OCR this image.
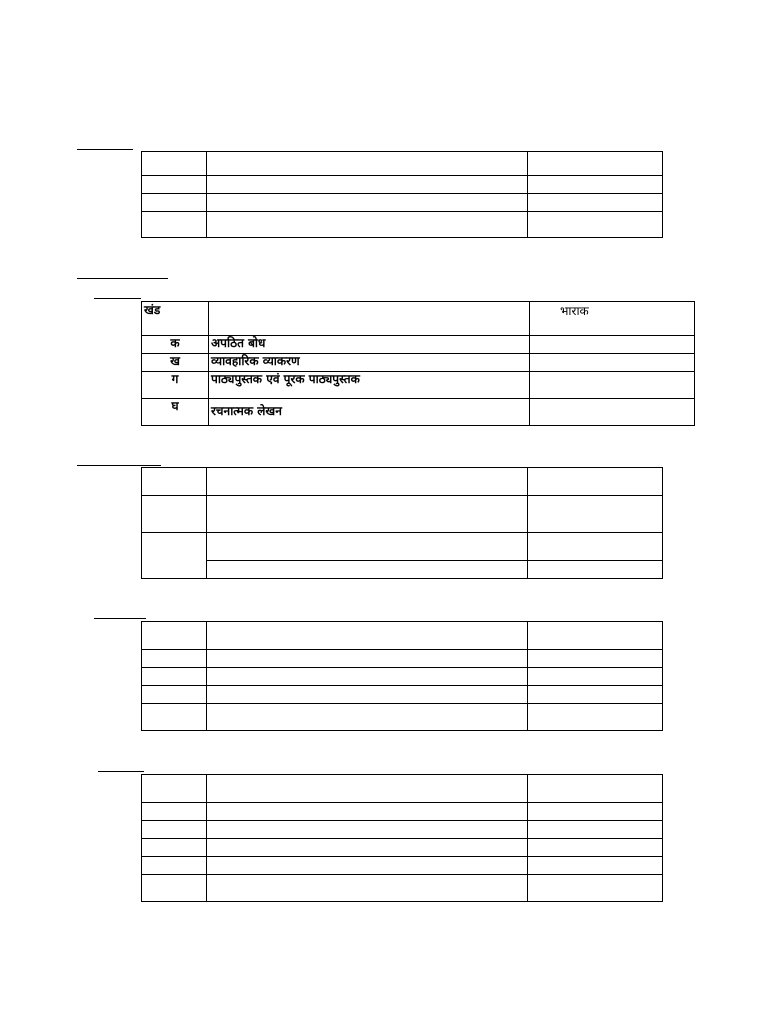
खंड		भाराक
क	अपठित बोध	
ख	व्यावहारिक व्याकरण	
ग	पाठ्यपुस्तक एवं पूरक पाठ्यपुस्तक	
घ	रचनात्मक लेखन	
